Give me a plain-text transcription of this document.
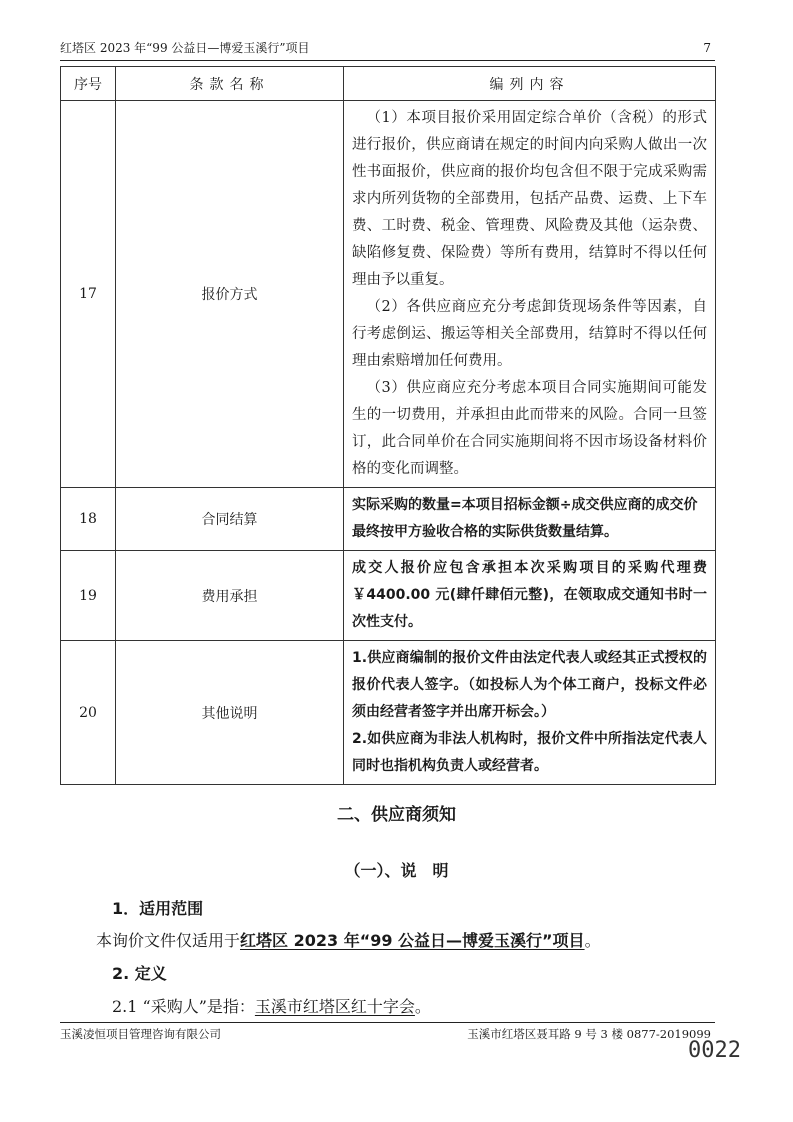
红塔区 2023 年“99 公益日—博爱玉溪行”项目	7
序号	条款名称	编列内容
17	报价方式	（1）本项目报价采用固定综合单价（含税）的形式进行报价，供应商请在规定的时间内向采购人做出一次性书面报价，供应商的报价均包含但不限于完成采购需求内所列货物的全部费用，包括产品费、运费、上下车费、工时费、税金、管理费、风险费及其他（运杂费、缺陷修复费、保险费）等所有费用，结算时不得以任何理由予以重复。

（2）各供应商应充分考虑卸货现场条件等因素，自行考虑倒运、搬运等相关全部费用，结算时不得以任何理由索赔增加任何费用。

（3）供应商应充分考虑本项目合同实施期间可能发生的一切费用，并承担由此而带来的风险。合同一旦签订，此合同单价在合同实施期间将不因市场设备材料价格的变化而调整。

18	合同结算	实际采购的数量=本项目招标金额÷成交供应商的成交价

最终按甲方验收合格的实际供货数量结算。

19	费用承担	成交人报价应包含承担本次采购项目的采购代理费￥4400.00 元(肆仟肆佰元整)，在领取成交通知书时一次性支付。

20	其他说明	1.供应商编制的报价文件由法定代表人或经其正式授权的报价代表人签字。（如投标人为个体工商户，投标文件必须由经营者签字并出席开标会。）

2.如供应商为非法人机构时，报价文件中所指法定代表人同时也指机构负责人或经营者。

二、供应商须知
（一）、说　明
1．适用范围
本询价文件仅适用于红塔区 2023 年“99 公益日—博爱玉溪行”项目。
2. 定义
2.1 “采购人”是指：玉溪市红塔区红十字会。
玉溪凌恒项目管理咨询有限公司	玉溪市红塔区聂耳路 9 号 3 楼 0877-2019099
0022
